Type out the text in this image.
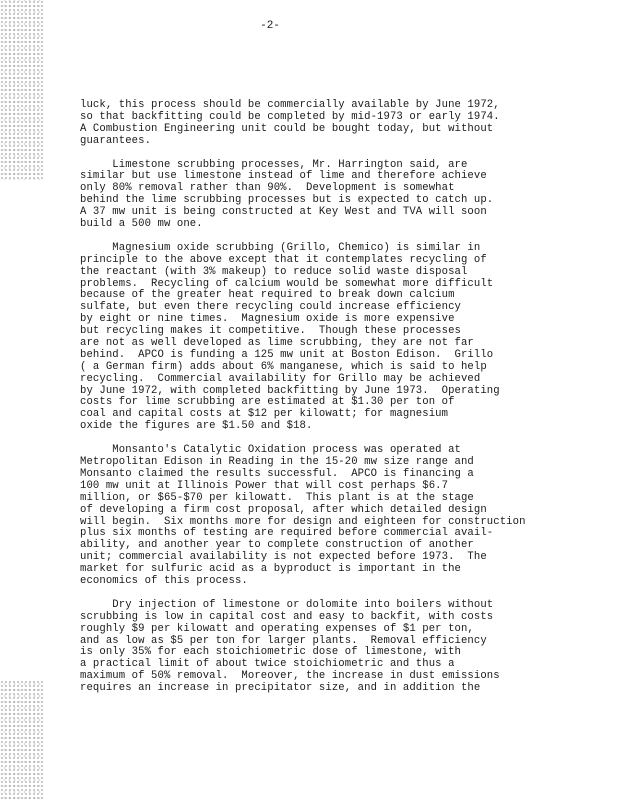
-2-
luck, this process should be commercially available by June 1972,
so that backfitting could be completed by mid-1973 or early 1974.
A Combustion Engineering unit could be bought today, but without
guarantees.
Limestone scrubbing processes, Mr. Harrington said, are
similar but use limestone instead of lime and therefore achieve
only 80% removal rather than 90%.  Development is somewhat
behind the lime scrubbing processes but is expected to catch up.
A 37 mw unit is being constructed at Key West and TVA will soon
build a 500 mw one.
Magnesium oxide scrubbing (Grillo, Chemico) is similar in
principle to the above except that it contemplates recycling of
the reactant (with 3% makeup) to reduce solid waste disposal
problems.  Recycling of calcium would be somewhat more difficult
because of the greater heat required to break down calcium
sulfate, but even there recycling could increase efficiency
by eight or nine times.  Magnesium oxide is more expensive
but recycling makes it competitive.  Though these processes
are not as well developed as lime scrubbing, they are not far
behind.  APCO is funding a 125 mw unit at Boston Edison.  Grillo
( a German firm) adds about 6% manganese, which is said to help
recycling.  Commercial availability for Grillo may be achieved
by June 1972, with completed backfitting by June 1973.  Operating
costs for lime scrubbing are estimated at $1.30 per ton of
coal and capital costs at $12 per kilowatt; for magnesium
oxide the figures are $1.50 and $18.
Monsanto's Catalytic Oxidation process was operated at
Metropolitan Edison in Reading in the 15-20 mw size range and
Monsanto claimed the results successful.  APCO is financing a
100 mw unit at Illinois Power that will cost perhaps $6.7
million, or $65-$70 per kilowatt.  This plant is at the stage
of developing a firm cost proposal, after which detailed design
will begin.  Six months more for design and eighteen for construction
plus six months of testing are required before commercial avail-
ability, and another year to complete construction of another
unit; commercial availability is not expected before 1973.  The
market for sulfuric acid as a byproduct is important in the
economics of this process.
Dry injection of limestone or dolomite into boilers without
scrubbing is low in capital cost and easy to backfit, with costs
roughly $9 per kilowatt and operating expenses of $1 per ton,
and as low as $5 per ton for larger plants.  Removal efficiency
is only 35% for each stoichiometric dose of limestone, with
a practical limit of about twice stoichiometric and thus a
maximum of 50% removal.  Moreover, the increase in dust emissions
requires an increase in precipitator size, and in addition the
